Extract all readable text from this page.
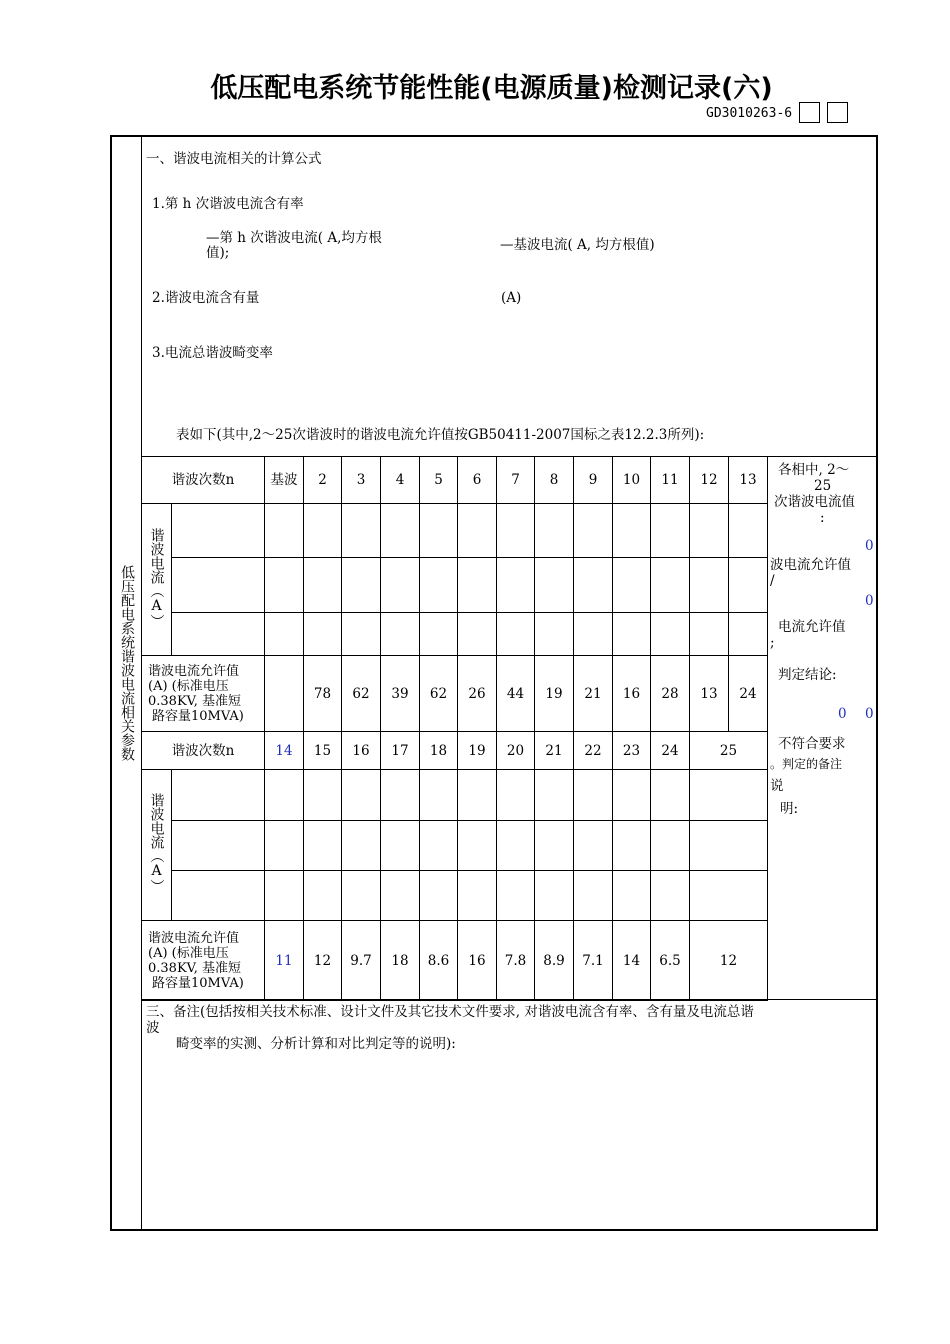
低压配电系统节能性能(电源质量)检测记录(六)
GD3010263-6
低压配电系统谐波电流相关参数
一、谐波电流相关的计算公式
1.第 h 次谐波电流含有率
—第 h 次谐波电流( A,均方根
值);	—基波电流( A, 均方根值)
2.谐波电流含有量	(A)
3.电流总谐波畸变率
表如下(其中,2～25次谐波时的谐波电流允许值按GB50411-2007国标之表12.2.3所列):
谐波次数n		基波	2	3	4	5	6	7	8	9	10	11	12	13
谐波电流（A）														

谐波电流允许值
(A) (标准电压
0.38KV, 基准短
路容量10MVA)			78	62	39	62	26	44	19	21	16	28	13	24
谐波次数n		14	15	16	17	18	19	20	21	22	23	24	25	
谐波电流（A）														

谐波电流允许值
(A) (标准电压
0.38KV, 基准短
路容量10MVA)		11	12	9.7	18	8.6	16	7.8	8.9	7.1	14	6.5	12	
各相中, 2～
25
次谐波电流值
:
0
波电流允许值
/
0
电流允许值
;
判定结论:
0 0
不符合要求
。判定的备注
说
明:
三、备注(包括按相关技术标准、设计文件及其它技术文件要求, 对谐波电流含有率、含有量及电流总谐
波
畸变率的实测、分析计算和对比判定等的说明):
